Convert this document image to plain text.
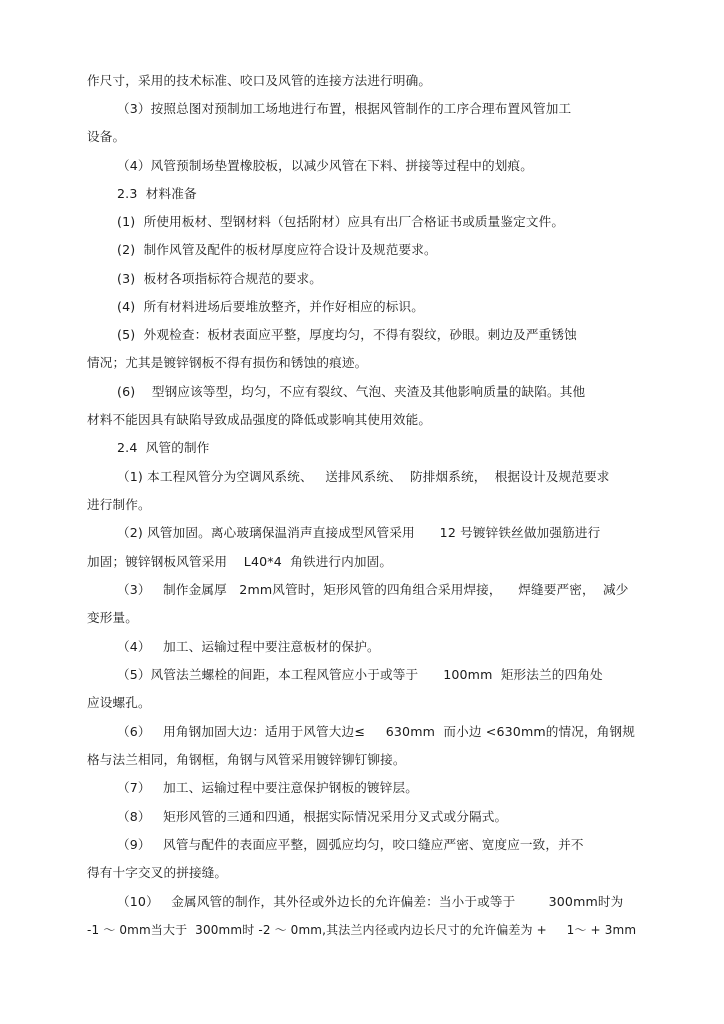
作尺寸，采用的技术标准、咬口及风管的连接方法进行明确。
（3）按照总图对预制加工场地进行布置，根据风管制作的工序合理布置风管加工
设备。
（4）风管预制场垫置橡胶板，以减少风管在下料、拼接等过程中的划痕。
2.3  材料准备
(1)  所使用板材、型钢材料（包括附材）应具有出厂合格证书或质量鉴定文件。
(2)  制作风管及配件的板材厚度应符合设计及规范要求。
(3)  板材各项指标符合规范的要求。
(4)  所有材料进场后要堆放整齐，并作好相应的标识。
(5)  外观检查：板材表面应平整，厚度均匀，不得有裂纹，砂眼。刺边及严重锈蚀
情况；尤其是镀锌钢板不得有损伤和锈蚀的痕迹。
(6)    型钢应该等型，均匀，不应有裂纹、气泡、夹渣及其他影响质量的缺陷。其他
材料不能因具有缺陷导致成品强度的降低或影响其使用效能。
2.4  风管的制作
（1) 本工程风管分为空调风系统、   送排风系统、  防排烟系统，  根据设计及规范要求
进行制作。
（2) 风管加固。离心玻璃保温消声直接成型风管采用      12 号镀锌铁丝做加强筋进行
加固；镀锌钢板风管采用    L40*4  角铁进行内加固。
（3）   制作金属厚   2mm风管时，矩形风管的四角组合采用焊接，    焊缝要严密，  减少
变形量。
（4）   加工、运输过程中要注意板材的保护。
（5）风管法兰螺栓的间距，本工程风管应小于或等于      100mm  矩形法兰的四角处
应设螺孔。
（6）   用角钢加固大边：适用于风管大边≤     630mm  而小边 <630mm的情况，角钢规
格与法兰相同，角钢框，角钢与风管采用镀锌铆钉铆接。
（7）   加工、运输过程中要注意保护钢板的镀锌层。
（8）   矩形风管的三通和四通，根据实际情况采用分叉式或分隔式。
（9）   风管与配件的表面应平整，圆弧应均匀，咬口缝应严密、宽度应一致，并不
得有十字交叉的拼接缝。
（10）   金属风管的制作，其外径或外边长的允许偏差：当小于或等于        300mm时为
-1 ～ 0mm当大于  300mm时 -2 ～ 0mm,其法兰内径或内边长尺寸的允许偏差为 +     1～ + 3mm
